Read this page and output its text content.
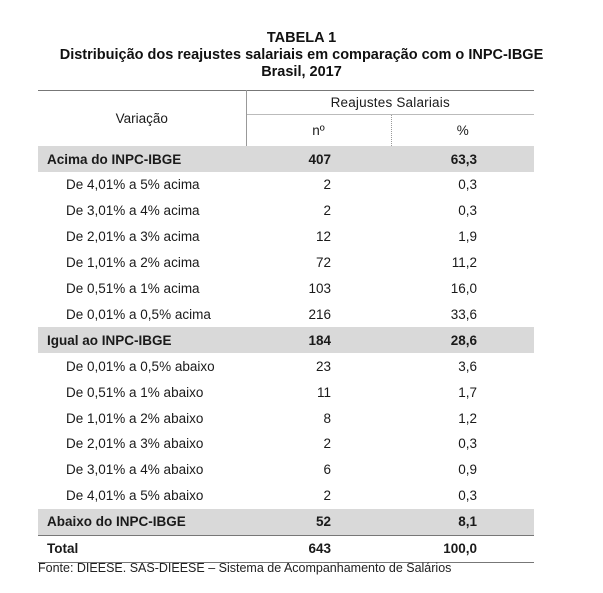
TABELA 1
Distribuição dos reajustes salariais em comparação com o INPC-IBGE
Brasil, 2017
Variação	Reajustes Salariais	
	nº	%
Acima do INPC-IBGE	407	63,3
De 4,01% a 5% acima	2	0,3
De 3,01% a 4% acima	2	0,3
De 2,01% a 3% acima	12	1,9
De 1,01% a 2% acima	72	11,2
De 0,51% a 1% acima	103	16,0
De 0,01% a 0,5% acima	216	33,6
Igual ao INPC-IBGE	184	28,6
De 0,01% a 0,5% abaixo	23	3,6
De 0,51% a 1% abaixo	11	1,7
De 1,01% a 2% abaixo	8	1,2
De 2,01% a 3% abaixo	2	0,3
De 3,01% a 4% abaixo	6	0,9
De 4,01% a 5% abaixo	2	0,3
Abaixo do INPC-IBGE	52	8,1
Total	643	100,0
Fonte: DIEESE. SAS-DIEESE – Sistema de Acompanhamento de Salários
